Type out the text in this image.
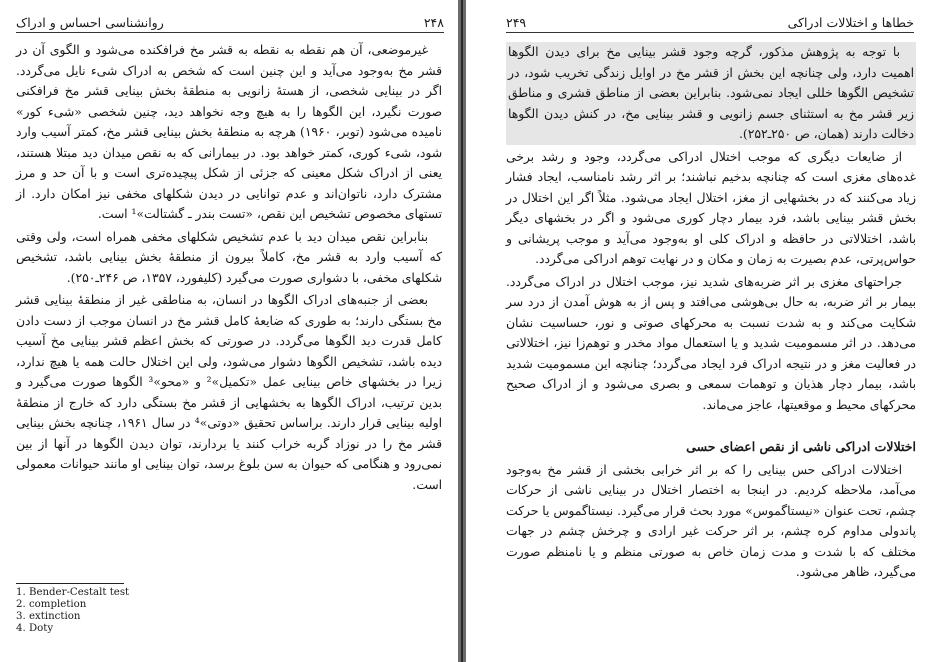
روانشناسی احساس و ادراک	۲۴۸

غیرموضعی، آن هم نقطه به نقطه به قشر مخ فرافکنده می‌شود و الگوی آن در قشر مخ به‌وجود می‌آید و این چنین است که شخص به ادراک شیء نایل می‌گردد. اگر در بینایی شخصی، از هستهٔ زانویی به منطقهٔ بخش بینایی قشر مخ فرافکنی صورت نگیرد، این الگوها را به هیچ وجه نخواهد دید، چنین شخصی «شیء کور» نامیده می‌شود (توبر، ۱۹۶۰) هرچه به منطقهٔ بخش بینایی قشر مخ، کمتر آسیب وارد شود، شیء کوری، کمتر خواهد بود. در بیمارانی که به نقص میدان دید مبتلا هستند، یعنی از ادراک شکل معینی که جزئی از شکل پیچیده‌تری است و با آن حد و مرز مشترک دارد، ناتوان‌اند و عدم توانایی در دیدن شکلهای مخفی نیز امکان دارد. از تستهای مخصوص تشخیص این نقص، «تست بندر ـ گشتالت»¹ است.

بنابراین نقص میدان دید با عدم تشخیص شکلهای مخفی همراه است، ولی وقتی که آسیب وارد به قشر مخ، کاملاً بیرون از منطقهٔ بخش بینایی باشد، تشخیص شکلهای مخفی، با دشواری صورت می‌گیرد (کلیفورد، ۱۳۵۷، ص ۲۴۶ـ۲۵۰).

بعضی از جنبه‌های ادراک الگوها در انسان، به مناطقی غیر از منطقهٔ بینایی قشر مخ بستگی دارند؛ به طوری که ضایعهٔ کامل قشر مخ در انسان موجب از دست دادن کامل قدرت دید الگوها می‌گردد. در صورتی که بخش اعظم قشر بینایی مخ آسیب دیده باشد، تشخیص الگوها دشوار می‌شود، ولی این اختلال حالت همه یا هیچ ندارد، زیرا در بخشهای خاص بینایی عمل «تکمیل»² و «محو»³ الگوها صورت می‌گیرد و بدین ترتیب، ادراک الگوها به بخشهایی از قشر مخ بستگی دارد که خارج از منطقهٔ اولیه بینایی قرار دارند. براساس تحقیق «دوتی»⁴ در سال ۱۹۶۱، چنانچه بخش بینایی قشر مخ را در نوزاد گربه خراب کنند یا بردارند، توان دیدن الگوها در آنها از بین نمی‌رود و هنگامی که حیوان به سن بلوغ برسد، توان بینایی او مانند حیوانات معمولی است.

1. Bender-Cestalt test
2. completion
3. extinction
4. Doty
۲۴۹	خطاها و اختلالات ادراکی

با توجه به پژوهش مذکور، گرچه وجود قشر بینایی مخ برای دیدن الگوها اهمیت دارد، ولی چنانچه این بخش از قشر مخ در اوایل زندگی تخریب شود، در تشخیص الگوها خللی ایجاد نمی‌شود. بنابراین بعضی از مناطق قشری و مناطق زیر قشر مخ به استثنای جسم زانویی و قشر بینایی مخ، در کنش دیدن الگوها دخالت دارند (همان، ص ۲۵۰ـ۲۵۲).

از ضایعات دیگری که موجب اختلال ادراکی می‌گردد، وجود و رشد برخی غده‌های مغزی است که چنانچه بدخیم نباشند؛ بر اثر رشد نامناسب، ایجاد فشار زیاد می‌کنند که در بخشهایی از مغز، اختلال ایجاد می‌شود. مثلاً اگر این اختلال در بخش قشر بینایی باشد، فرد بیمار دچار کوری می‌شود و اگر در بخشهای دیگر باشد، اختلالاتی در حافظه و ادراک کلی او به‌وجود می‌آید و موجب پریشانی و حواس‌پرتی، عدم بصیرت به زمان و مکان و در نهایت توهم ادراکی می‌گردد.

جراحتهای مغزی بر اثر ضربه‌های شدید نیز، موجب اختلال در ادراک می‌گردد. بیمار بر اثر ضربه، به حال بی‌هوشی می‌افتد و پس از به هوش آمدن از درد سر شکایت می‌کند و به شدت نسبت به محرکهای صوتی و نور، حساسیت نشان می‌دهد. در اثر مسمومیت شدید و یا استعمال مواد مخدر و توهم‌زا نیز، اختلالاتی در فعالیت مغز و در نتیجه ادراک فرد ایجاد می‌گردد؛ چنانچه این مسمومیت شدید باشد، بیمار دچار هذیان و توهمات سمعی و بصری می‌شود و از ادراک صحیح محرکهای محیط و موقعیتها، عاجز می‌ماند.

اختلالات ادراکی ناشی از نقص اعضای حسی

اختلالات ادراکی حس بینایی را که بر اثر خرابی بخشی از قشر مخ به‌وجود می‌آمد، ملاحظه کردیم. در اینجا به اختصار اختلال در بینایی ناشی از حرکات چشم، تحت عنوان «نیستاگموس» مورد بحث قرار می‌گیرد. نیستاگموس یا حرکت پاندولی مداوم کره چشم، بر اثر حرکت غیر ارادی و چرخش چشم در جهات مختلف که با شدت و مدت زمان خاص به صورتی منظم و یا نامنظم صورت می‌گیرد، ظاهر می‌شود.
